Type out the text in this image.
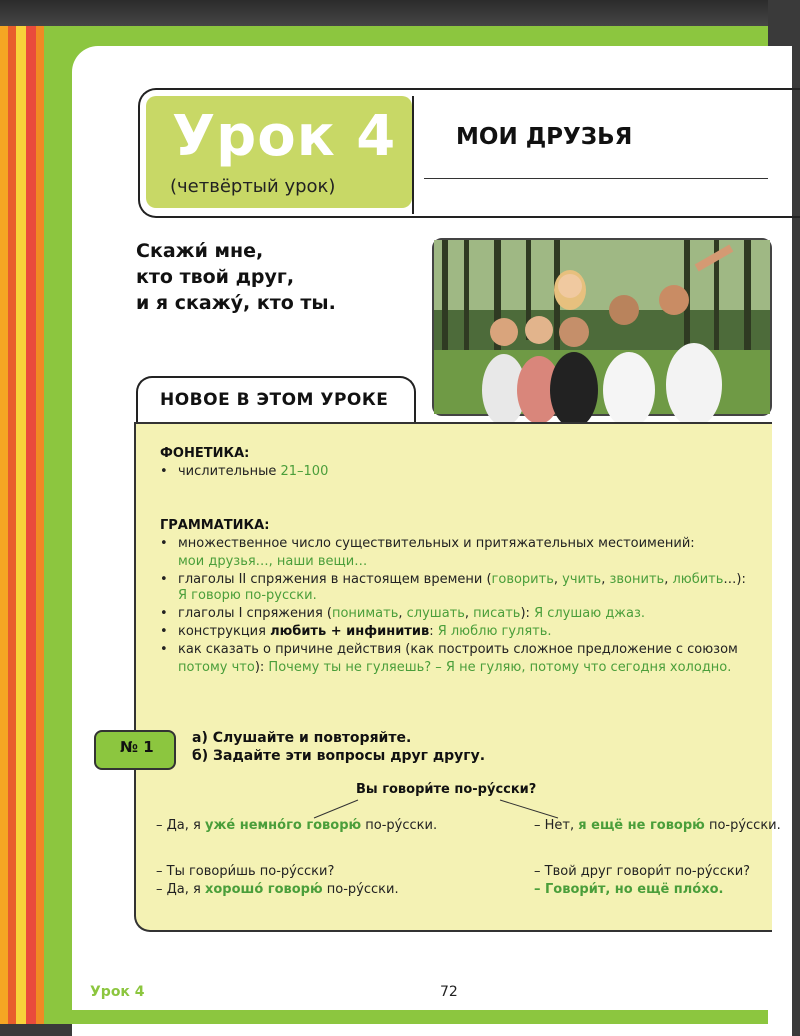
Урок 4
(четвёртый урок)
МОИ ДРУЗЬЯ
Скажи́ мне,
кто твой друг,
и я скажу́, кто ты.
НОВОЕ В ЭТОМ УРОКЕ
ФОНЕТИКА:
• числительные 21–100
ГРАММАТИКА:
• множественное число существительных и притяжательных местоимений:
мои друзья…, наши вещи…
• глаголы II спряжения в настоящем времени (говорить, учить, звонить, любить…):
Я говорю по-русски.
• глаголы I спряжения (понимать, слушать, писать): Я слушаю джаз.
• конструкция любить + инфинитив: Я люблю гулять.
• как сказать о причине действия (как построить сложное предложение с союзом
потому что): Почему ты не гуляешь? – Я не гуляю, потому что сегодня холодно.
№ 1	а) Слушайте и повторяйте.
б) Задайте эти вопросы друг другу.
Вы говори́те по-ру́сски?
– Да, я уже́ немно́го говорю́ по-ру́сски.	– Нет, я ещё не говорю́ по-ру́сски.
– Ты говори́шь по-ру́сски?
– Да, я хорошо́ говорю́ по-ру́сски.
– Твой друг говори́т по-ру́сски?
– Говори́т, но ещё пло́хо.
Урок 4	72
